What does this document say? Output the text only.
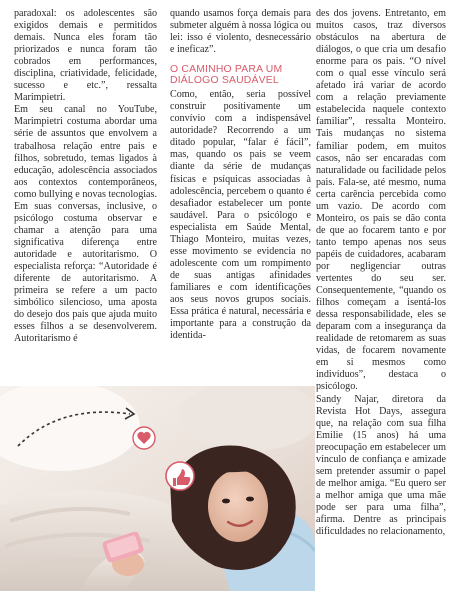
paradoxal: os adolescentes são exigidos demais e permitidos demais. Nunca eles foram tão priorizados e nunca foram tão cobrados em performances, disciplina, criatividade, felicidade, sucesso e etc.”, ressalta Marimpietri.

Em seu canal no YouTube, Marimpietri costuma abordar uma série de assuntos que envolvem a trabalhosa relação entre pais e filhos, sobretudo, temas ligados à educação, adolescência associados aos contextos contemporâneos, como bullying e novas tecnologias. Em suas conversas, inclusive, o psicólogo costuma observar e chamar a atenção para uma significativa diferença entre autoridade e autoritarismo. O especialista reforça: “Autoridade é diferente de autoritarismo. A primeira se refere a um pacto simbólico silencioso, uma aposta do desejo dos pais que ajuda muito esses filhos a se desenvolverem. Autoritarismo é

quando usamos força demais para submeter alguém à nossa lógica ou lei: isso é violento, desnecessário e ineficaz”.

O CAMINHO PARA UM DIÁLOGO SAUDÁVEL

Como, então, seria possível construir positivamente um convívio com a indispensável autoridade? Recorrendo a um ditado popular, “falar é fácil”, mas, quando os pais se veem diante da série de mudanças físicas e psíquicas associadas à adolescência, percebem o quanto é desafiador estabelecer um ponte saudável. Para o psicólogo e especialista em Saúde Mental, Thiago Monteiro, muitas vezes, esse movimento se evidencia no adolescente com um rompimento de suas antigas afinidades familiares e com identificações aos seus novos grupos sociais. Essa prática é natural, necessária e importante para a construção da identida-

des dos jovens. Entretanto, em muitos casos, traz diversos obstáculos na abertura de diálogos, o que cria um desafio enorme para os pais. “O nível com o qual esse vínculo será afetado irá variar de acordo com a relação previamente estabelecida naquele contexto familiar”, ressalta Monteiro. Tais mudanças no sistema familiar podem, em muitos casos, não ser encaradas com naturalidade ou facilidade pelos pais. Fala-se, até mesmo, numa certa carência percebida como um vazio. De acordo com Monteiro, os pais se dão conta de que ao focarem tanto e por tanto tempo apenas nos seus papéis de cuidadores, acabaram por negligenciar outras vertentes do seu ser. Consequentemente, “quando os filhos começam a isentá-los dessa responsabilidade, eles se deparam com a insegurança da realidade de retomarem as suas vidas, de focarem novamente em si mesmos como indivíduos”, destaca o psicólogo.

Sandy Najar, diretora da Revista Hot Days, assegura que, na relação com sua filha Emilie (15 anos) há uma preocupação em estabelecer um vínculo de confiança e amizade sem pretender assumir o papel de melhor amiga. “Eu quero ser a melhor amiga que uma mãe pode ser para uma filha”, afirma. Dentre as principais dificuldades no relacionamento,
